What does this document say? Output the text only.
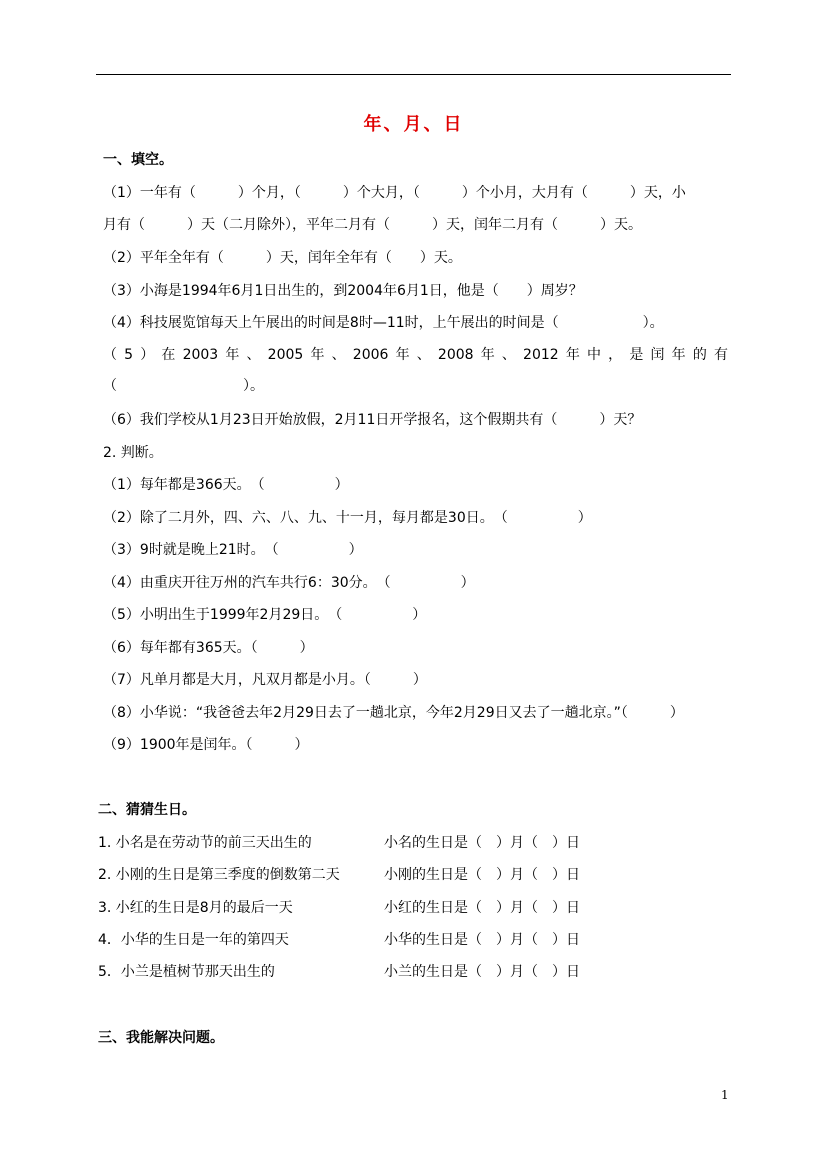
年、月、日
一、填空。
（1）一年有（　　　）个月，（　　　）个大月，（　　　）个小月，大月有（　　　）天，小
月有（　　　）天（二月除外），平年二月有（　　　）天，闰年二月有（　　　）天。
（2）平年全年有（　　　）天，闰年全年有（　　）天。
（3）小海是1994年6月1日出生的，到2004年6月1日，他是（　　）周岁？
（4）科技展览馆每天上午展出的时间是8时—11时，上午展出的时间是（　　　　　　）。
（5）在2003年、2005年、2006年、2008年、2012年中，是闰年的有
（　　　　　　　　　）。
（6）我们学校从1月23日开始放假，2月11日开学报名，这个假期共有（　　　）天？
2. 判断。
（1）每年都是366天。　（　　　　　）
（2）除了二月外，四、六、八、九、十一月，每月都是30日。　（　　　　　）
（3）9时就是晚上21时。　（　　　　　）
（4）由重庆开往万州的汽车共行6：30分。　（　　　　　）
（5）小明出生于1999年2月29日。　（　　　　　）
（6）每年都有365天。（　　　）
（7）凡单月都是大月，凡双月都是小月。（　　　）
（8）小华说：“我爸爸去年2月29日去了一趟北京，今年2月29日又去了一趟北京。”（　　　）
（9）1900年是闰年。（　　　）
二、猜猜生日。
1. 小名是在劳动节的前三天出生的	小名的生日是（　）月（　）日
2. 小刚的生日是第三季度的倒数第二天	小刚的生日是（　）月（　）日
3. 小红的生日是8月的最后一天	小红的生日是（　）月（　）日
4．小华的生日是一年的第四天	小华的生日是（　）月（　）日
5．小兰是植树节那天出生的	小兰的生日是（　）月（　）日
三、我能解决问题。
1
